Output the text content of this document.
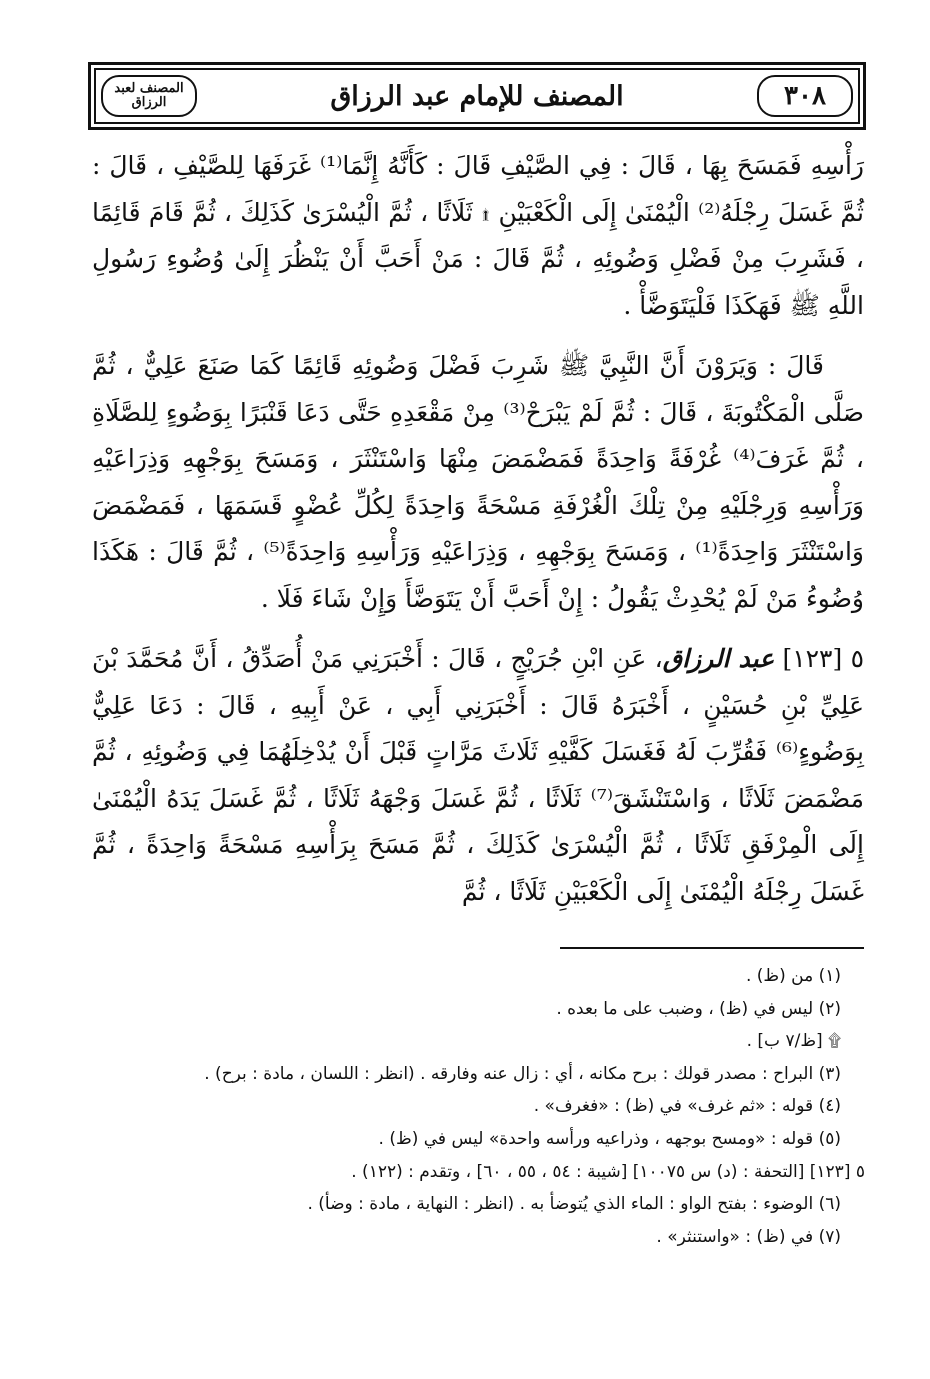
٣٠٨
المصنف للإمام عبد الرزاق
المصنف لعبد الرزاق

رَأْسِهِ فَمَسَحَ بِهَا ، قَالَ : فِي الصَّيْفِ قَالَ : كَأَنَّهُ إِنَّمَا⁽¹⁾ غَرَفَهَا لِلصَّيْفِ ، قَالَ : ثُمَّ غَسَلَ رِجْلَهُ⁽²⁾ الْيُمْنَىٰ إِلَى الْكَعْبَيْنِ ۩ ثَلَاثًا ، ثُمَّ الْيُسْرَىٰ كَذَلِكَ ، ثُمَّ قَامَ قَائِمًا ، فَشَرِبَ مِنْ فَضْلِ وَضُوئِهِ ، ثُمَّ قَالَ : مَنْ أَحَبَّ أَنْ يَنْظُرَ إِلَىٰ وُضُوءِ رَسُولِ اللَّهِ ﷺ فَهَكَذَا فَلْيَتَوَضَّأْ .

قَالَ : وَيَرَوْنَ أَنَّ النَّبِيَّ ﷺ شَرِبَ فَضْلَ وَضُوئِهِ قَائِمًا كَمَا صَنَعَ عَلِيٌّ ، ثُمَّ صَلَّى الْمَكْتُوبَةَ ، قَالَ : ثُمَّ لَمْ يَبْرَحْ⁽³⁾ مِنْ مَقْعَدِهِ حَتَّى دَعَا قَنْبَرًا بِوَضُوءٍ لِلصَّلَاةِ ، ثُمَّ غَرَفَ⁽⁴⁾ غُرْفَةً وَاحِدَةً فَمَضْمَضَ مِنْهَا وَاسْتَنْثَرَ ، وَمَسَحَ بِوَجْهِهِ وَذِرَاعَيْهِ وَرَأْسِهِ وَرِجْلَيْهِ مِنْ تِلْكَ الْغُرْفَةِ مَسْحَةً وَاحِدَةً لِكُلِّ عُضْوٍ قَسَمَهَا ، فَمَضْمَضَ وَاسْتَنْثَرَ وَاحِدَةً⁽¹⁾ ، وَمَسَحَ بِوَجْهِهِ ، وَذِرَاعَيْهِ وَرَأْسِهِ وَاحِدَةً⁽⁵⁾ ، ثُمَّ قَالَ : هَكَذَا وُضُوءُ مَنْ لَمْ يُحْدِثْ يَقُولُ : إِنْ أَحَبَّ أَنْ يَتَوَضَّأَ وَإِنْ شَاءَ فَلَا .

٥ [١٢٣] عبد الرزاق، عَنِ ابْنِ جُرَيْجٍ ، قَالَ : أَخْبَرَنِي مَنْ أُصَدِّقُ ، أَنَّ مُحَمَّدَ بْنَ عَلِيِّ بْنِ حُسَيْنٍ ، أَخْبَرَهُ قَالَ : أَخْبَرَنِي أَبِي ، عَنْ أَبِيهِ ، قَالَ : دَعَا عَلِيٌّ بِوَضُوءٍ⁽⁶⁾ فَقُرِّبَ لَهُ فَغَسَلَ كَفَّيْهِ ثَلَاثَ مَرَّاتٍ قَبْلَ أَنْ يُدْخِلَهُمَا فِي وَضُوئِهِ ، ثُمَّ مَضْمَضَ ثَلَاثًا ، وَاسْتَنْشَقَ⁽⁷⁾ ثَلَاثًا ، ثُمَّ غَسَلَ وَجْهَهُ ثَلَاثًا ، ثُمَّ غَسَلَ يَدَهُ الْيُمْنَىٰ إِلَى الْمِرْفَقِ ثَلَاثًا ، ثُمَّ الْيُسْرَىٰ كَذَلِكَ ، ثُمَّ مَسَحَ بِرَأْسِهِ مَسْحَةً وَاحِدَةً ، ثُمَّ غَسَلَ رِجْلَهُ الْيُمْنَىٰ إِلَى الْكَعْبَيْنِ ثَلَاثًا ، ثُمَّ

(١) من (ظ) .
(٢) ليس في (ظ) ، وضبب على ما بعده .
۩ [ظ/٧ ب] .
(٣) البراح : مصدر قولك : برح مكانه ، أي : زال عنه وفارقه . (انظر : اللسان ، مادة : برح) .
(٤) قوله : «ثم غرف» في (ظ) : «فغرف» .
(٥) قوله : «ومسح بوجهه ، وذراعيه ورأسه واحدة» ليس في (ظ) .
٥ [١٢٣] [التحفة : (د) س ١٠٠٧٥] [شيبة : ٥٤ ، ٥٥ ، ٦٠] ، وتقدم : (١٢٢) .
(٦) الوضوء : بفتح الواو : الماء الذي يُتوضأ به . (انظر : النهاية ، مادة : وضأ) .
(٧) في (ظ) : «واستنثر» .
